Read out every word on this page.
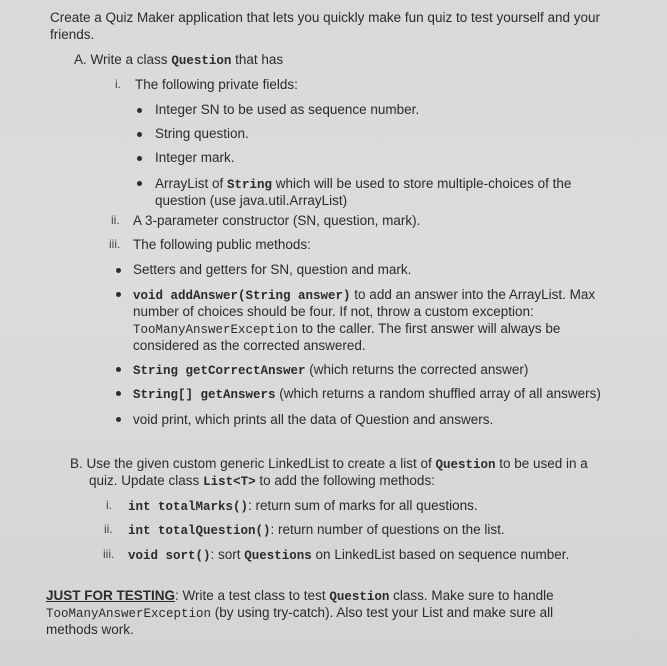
Create a Quiz Maker application that lets you quickly make fun quiz to test yourself and your
friends.
A. Write a class Question that has
i. The following private fields:
Integer SN to be used as sequence number.
String question.
Integer mark.
ArrayList of String which will be used to store multiple-choices of the
question (use java.util.ArrayList)
ii. A 3-parameter constructor (SN, question, mark).
iii. The following public methods:
Setters and getters for SN, question and mark.
void addAnswer(String answer) to add an answer into the ArrayList. Max
number of choices should be four. If not, throw a custom exception:
TooManyAnswerException to the caller. The first answer will always be
considered as the corrected answered.
String getCorrectAnswer (which returns the corrected answer)
String[] getAnswers (which returns a random shuffled array of all answers)
void print, which prints all the data of Question and answers.
B. Use the given custom generic LinkedList to create a list of Question to be used in a
quiz. Update class List<T> to add the following methods:
i. int totalMarks(): return sum of marks for all questions.
ii. int totalQuestion(): return number of questions on the list.
iii. void sort(): sort Questions on LinkedList based on sequence number.
JUST FOR TESTING: Write a test class to test Question class. Make sure to handle
TooManyAnswerException (by using try-catch). Also test your List and make sure all
methods work.
